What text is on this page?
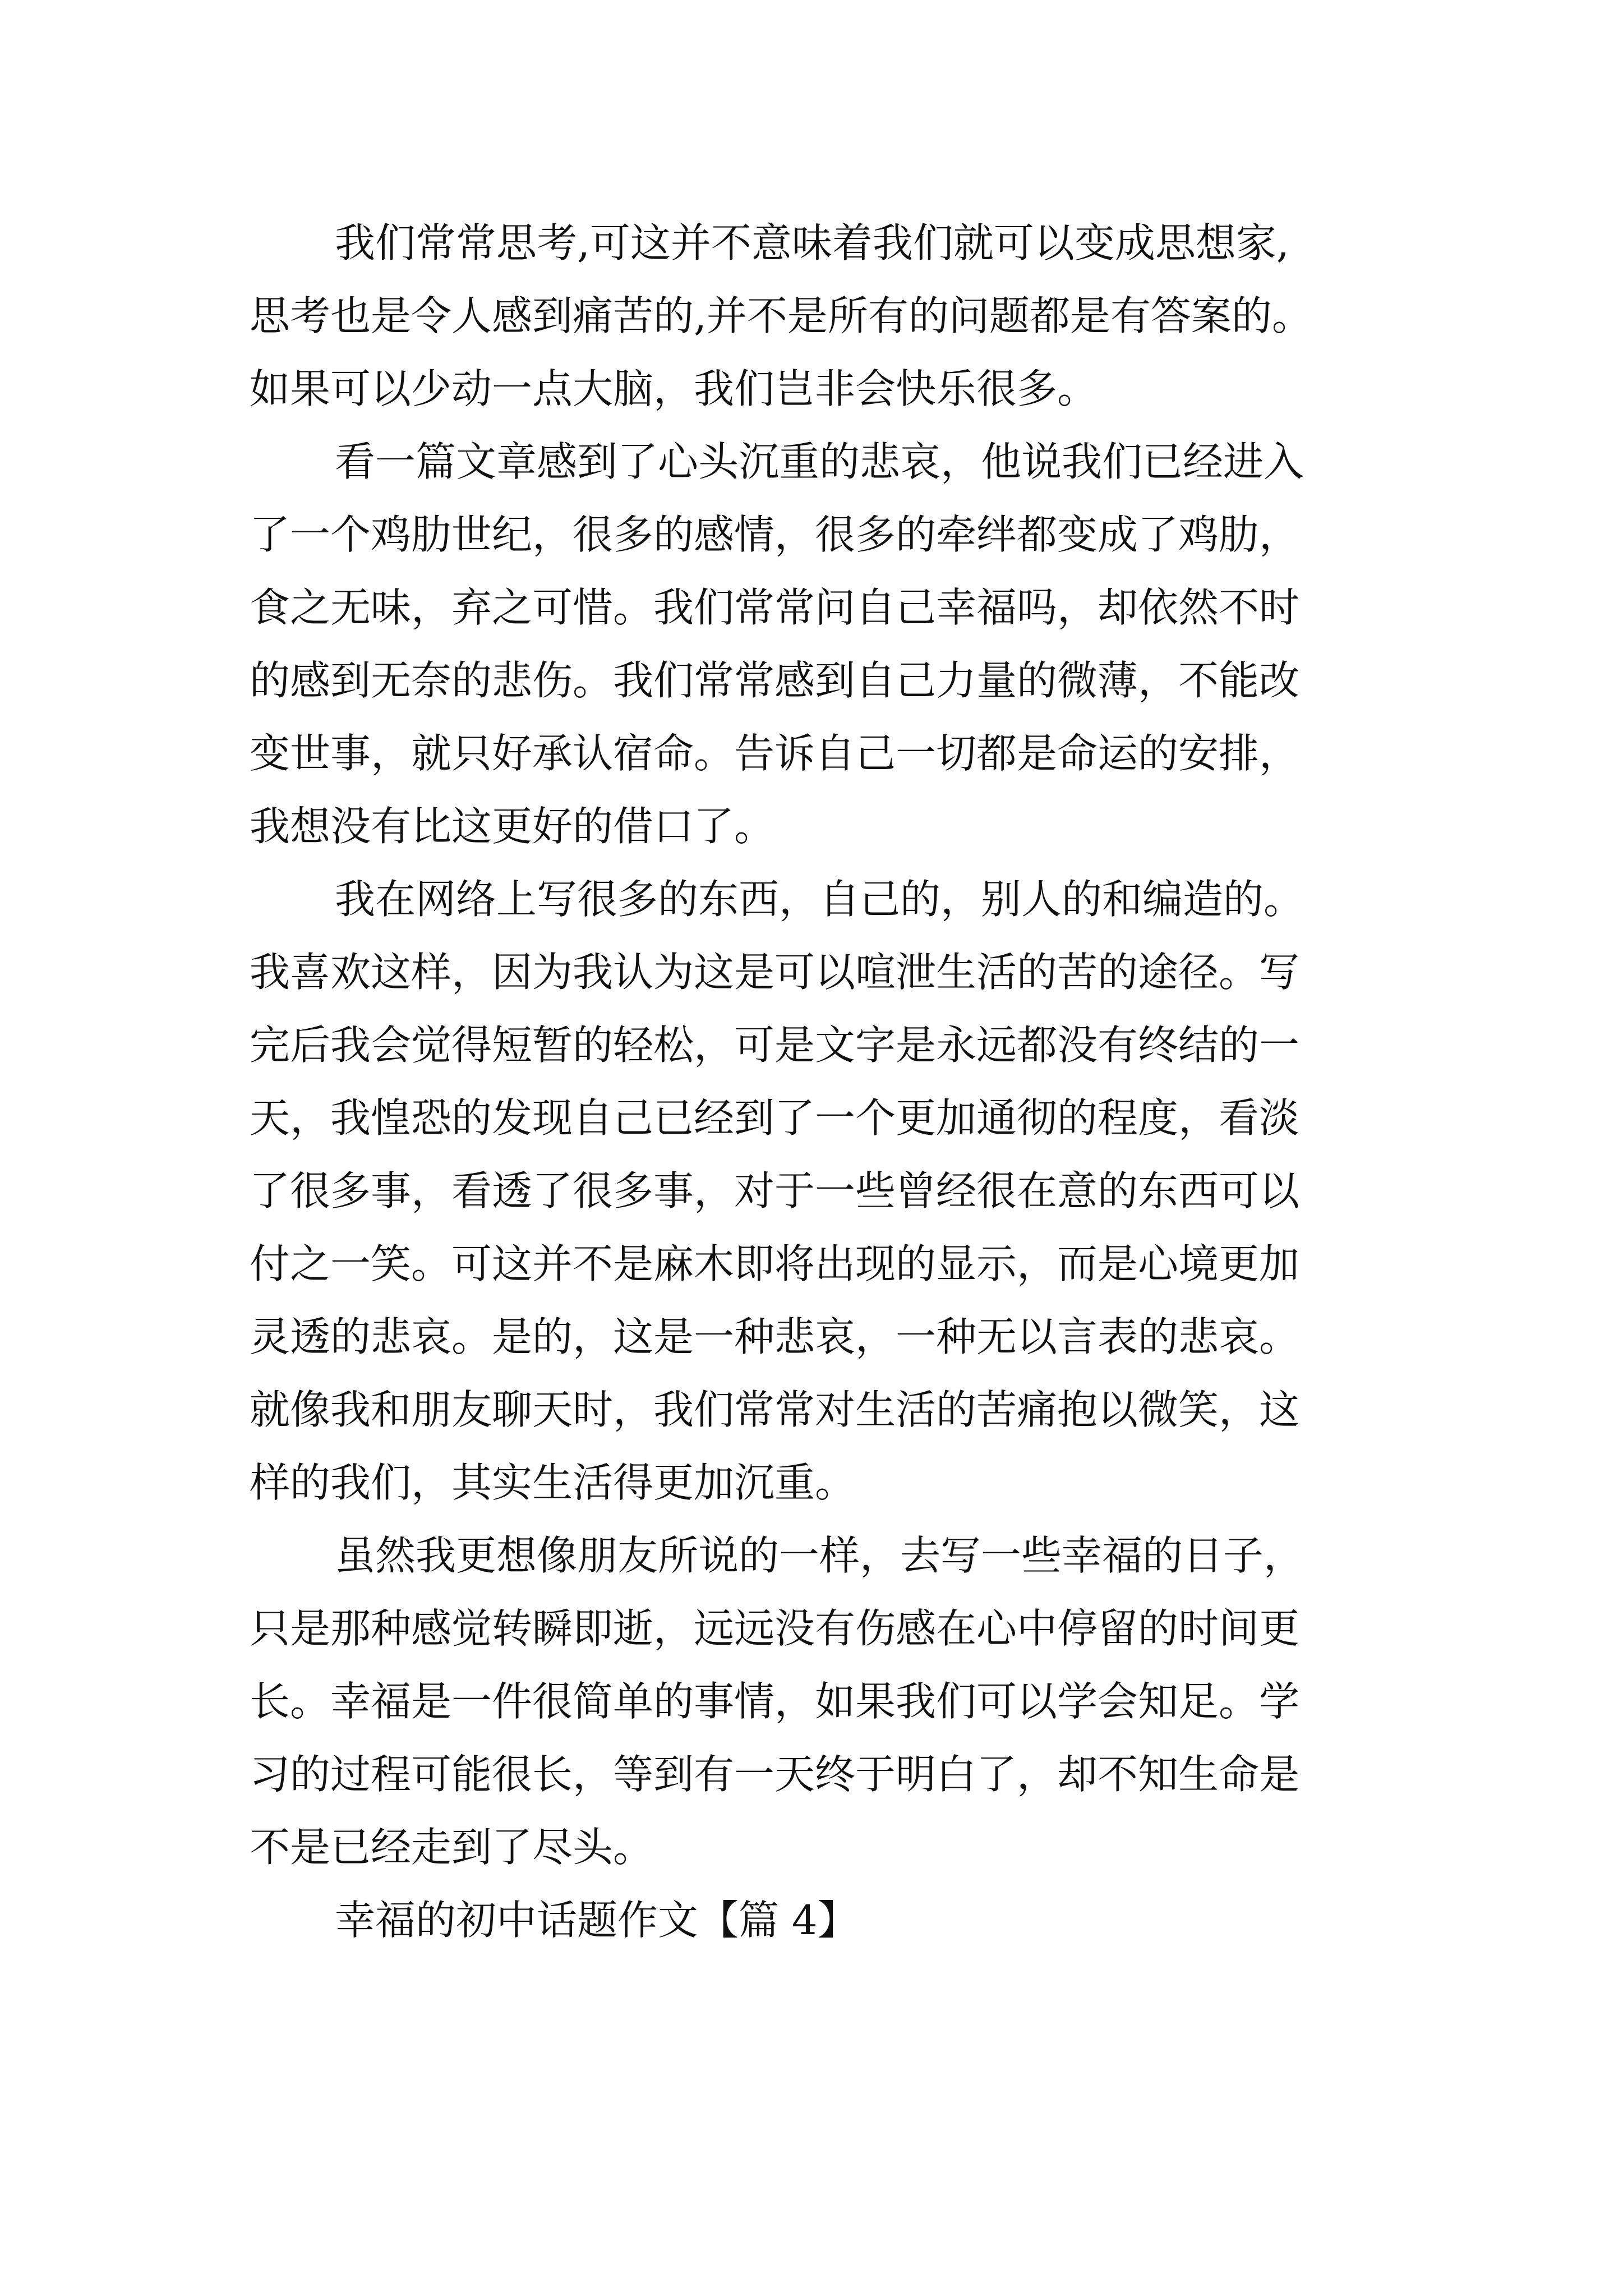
我们常常思考,可这并不意味着我们就可以变成思想家,
思考也是令人感到痛苦的,并不是所有的问题都是有答案的。
如果可以少动一点大脑，我们岂非会快乐很多。
看一篇文章感到了心头沉重的悲哀，他说我们已经进入
了一个鸡肋世纪，很多的感情，很多的牵绊都变成了鸡肋，
食之无味，弃之可惜。我们常常问自己幸福吗，却依然不时
的感到无奈的悲伤。我们常常感到自己力量的微薄，不能改
变世事，就只好承认宿命。告诉自己一切都是命运的安排，
我想没有比这更好的借口了。
我在网络上写很多的东西，自己的，别人的和编造的。
我喜欢这样，因为我认为这是可以喧泄生活的苦的途径。写
完后我会觉得短暂的轻松，可是文字是永远都没有终结的一
天，我惶恐的发现自己已经到了一个更加通彻的程度，看淡
了很多事，看透了很多事，对于一些曾经很在意的东西可以
付之一笑。可这并不是麻木即将出现的显示，而是心境更加
灵透的悲哀。是的，这是一种悲哀，一种无以言表的悲哀。
就像我和朋友聊天时，我们常常对生活的苦痛抱以微笑，这
样的我们，其实生活得更加沉重。
虽然我更想像朋友所说的一样，去写一些幸福的日子，
只是那种感觉转瞬即逝，远远没有伤感在心中停留的时间更
长。幸福是一件很简单的事情，如果我们可以学会知足。学
习的过程可能很长，等到有一天终于明白了，却不知生命是
不是已经走到了尽头。
幸福的初中话题作文【篇 4】
